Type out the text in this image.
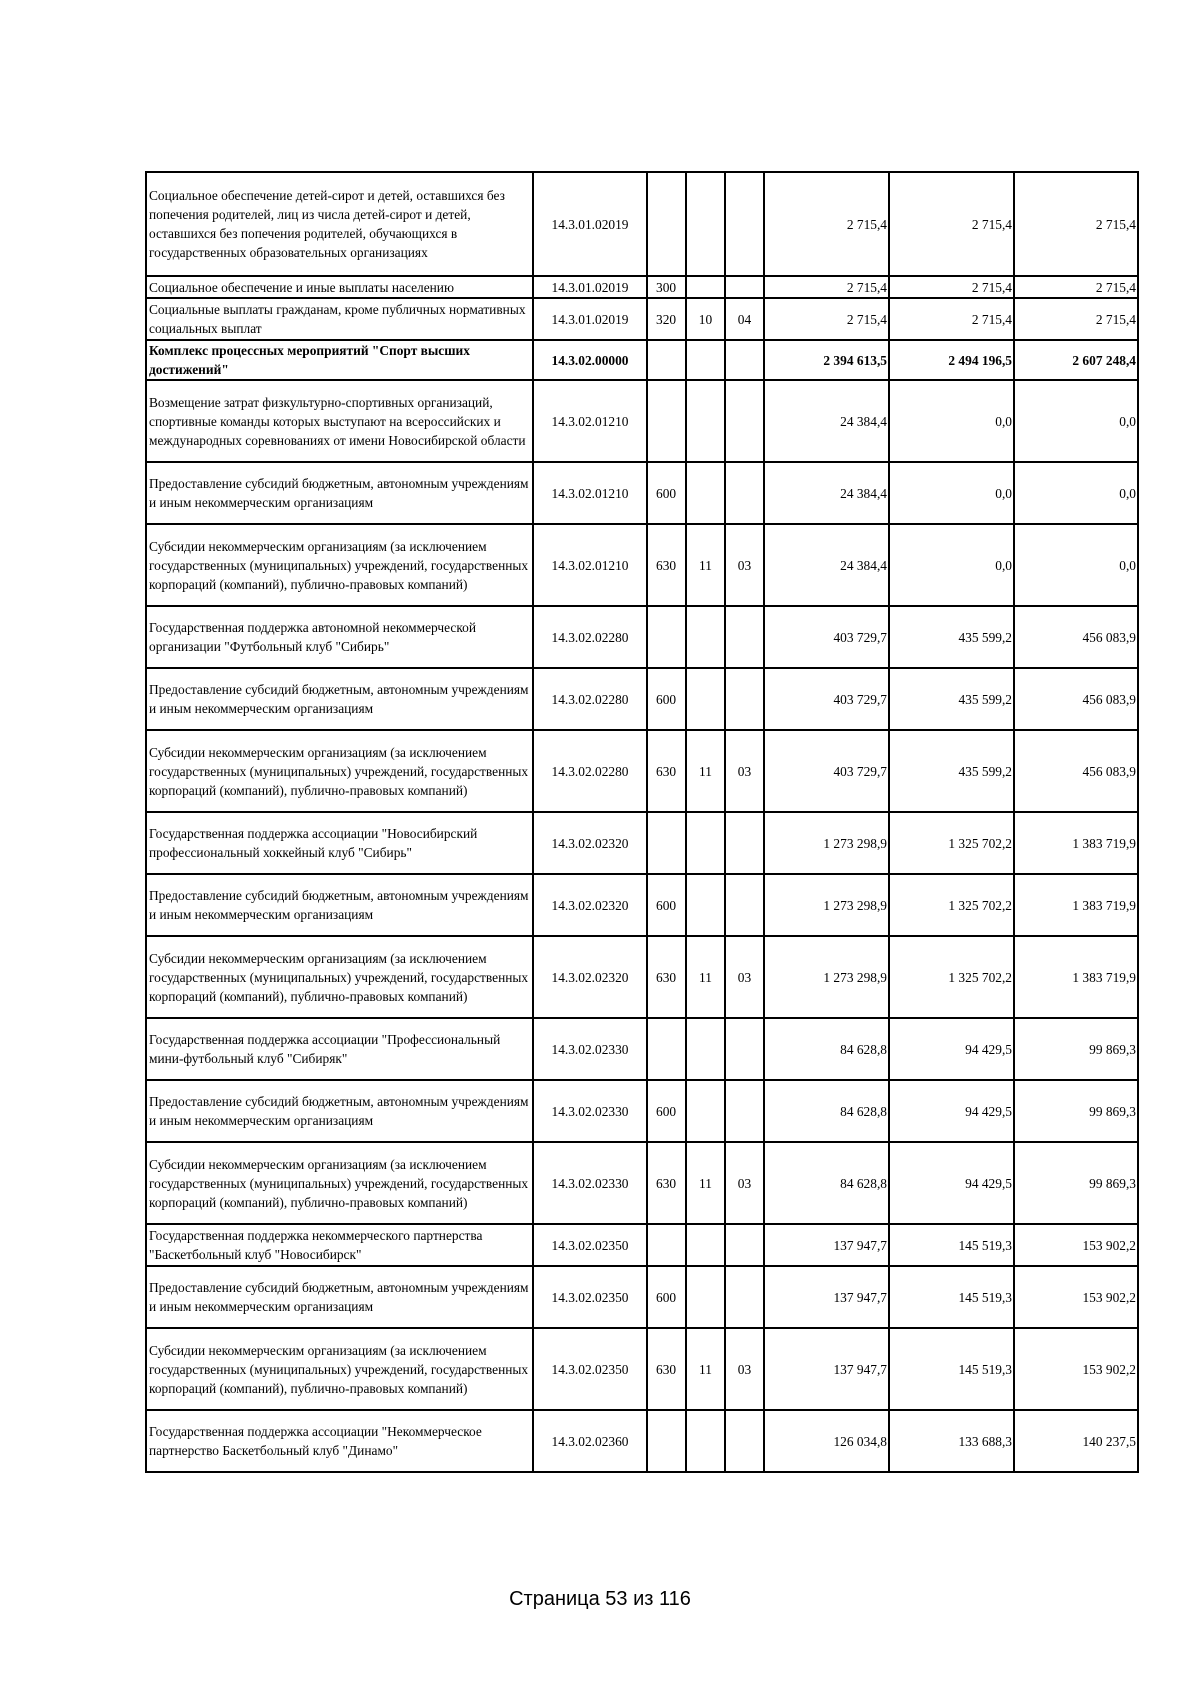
Социальное обеспечение детей-сирот и детей, оставшихся без попечения родителей, лиц из числа детей-сирот и детей, оставшихся без попечения родителей, обучающихся в государственных образовательных организациях	14.3.01.02019				2 715,4	2 715,4	2 715,4
Социальное обеспечение и иные выплаты населению	14.3.01.02019	300			2 715,4	2 715,4	2 715,4
Социальные выплаты гражданам, кроме публичных нормативных социальных выплат	14.3.01.02019	320	10	04	2 715,4	2 715,4	2 715,4
Комплекс процессных мероприятий "Спорт высших достижений"	14.3.02.00000				2 394 613,5	2 494 196,5	2 607 248,4
Возмещение затрат физкультурно-спортивных организаций, спортивные команды которых выступают на всероссийских и международных соревнованиях от имени Новосибирской области	14.3.02.01210				24 384,4	0,0	0,0
Предоставление субсидий бюджетным, автономным учреждениям и иным некоммерческим организациям	14.3.02.01210	600			24 384,4	0,0	0,0
Субсидии некоммерческим организациям (за исключением государственных (муниципальных) учреждений, государственных корпораций (компаний), публично-правовых компаний)	14.3.02.01210	630	11	03	24 384,4	0,0	0,0
Государственная поддержка автономной некоммерческой организации "Футбольный клуб "Сибирь"	14.3.02.02280				403 729,7	435 599,2	456 083,9
Предоставление субсидий бюджетным, автономным учреждениям и иным некоммерческим организациям	14.3.02.02280	600			403 729,7	435 599,2	456 083,9
Субсидии некоммерческим организациям (за исключением государственных (муниципальных) учреждений, государственных корпораций (компаний), публично-правовых компаний)	14.3.02.02280	630	11	03	403 729,7	435 599,2	456 083,9
Государственная поддержка ассоциации "Новосибирский профессиональный хоккейный клуб "Сибирь"	14.3.02.02320				1 273 298,9	1 325 702,2	1 383 719,9
Предоставление субсидий бюджетным, автономным учреждениям и иным некоммерческим организациям	14.3.02.02320	600			1 273 298,9	1 325 702,2	1 383 719,9
Субсидии некоммерческим организациям (за исключением государственных (муниципальных) учреждений, государственных корпораций (компаний), публично-правовых компаний)	14.3.02.02320	630	11	03	1 273 298,9	1 325 702,2	1 383 719,9
Государственная поддержка ассоциации "Профессиональный мини-футбольный клуб "Сибиряк"	14.3.02.02330				84 628,8	94 429,5	99 869,3
Предоставление субсидий бюджетным, автономным учреждениям и иным некоммерческим организациям	14.3.02.02330	600			84 628,8	94 429,5	99 869,3
Субсидии некоммерческим организациям (за исключением государственных (муниципальных) учреждений, государственных корпораций (компаний), публично-правовых компаний)	14.3.02.02330	630	11	03	84 628,8	94 429,5	99 869,3
Государственная поддержка некоммерческого партнерства "Баскетбольный клуб "Новосибирск"	14.3.02.02350				137 947,7	145 519,3	153 902,2
Предоставление субсидий бюджетным, автономным учреждениям и иным некоммерческим организациям	14.3.02.02350	600			137 947,7	145 519,3	153 902,2
Субсидии некоммерческим организациям (за исключением государственных (муниципальных) учреждений, государственных корпораций (компаний), публично-правовых компаний)	14.3.02.02350	630	11	03	137 947,7	145 519,3	153 902,2
Государственная поддержка ассоциации "Некоммерческое партнерство Баскетбольный клуб "Динамо"	14.3.02.02360				126 034,8	133 688,3	140 237,5
Страница 53 из 116
